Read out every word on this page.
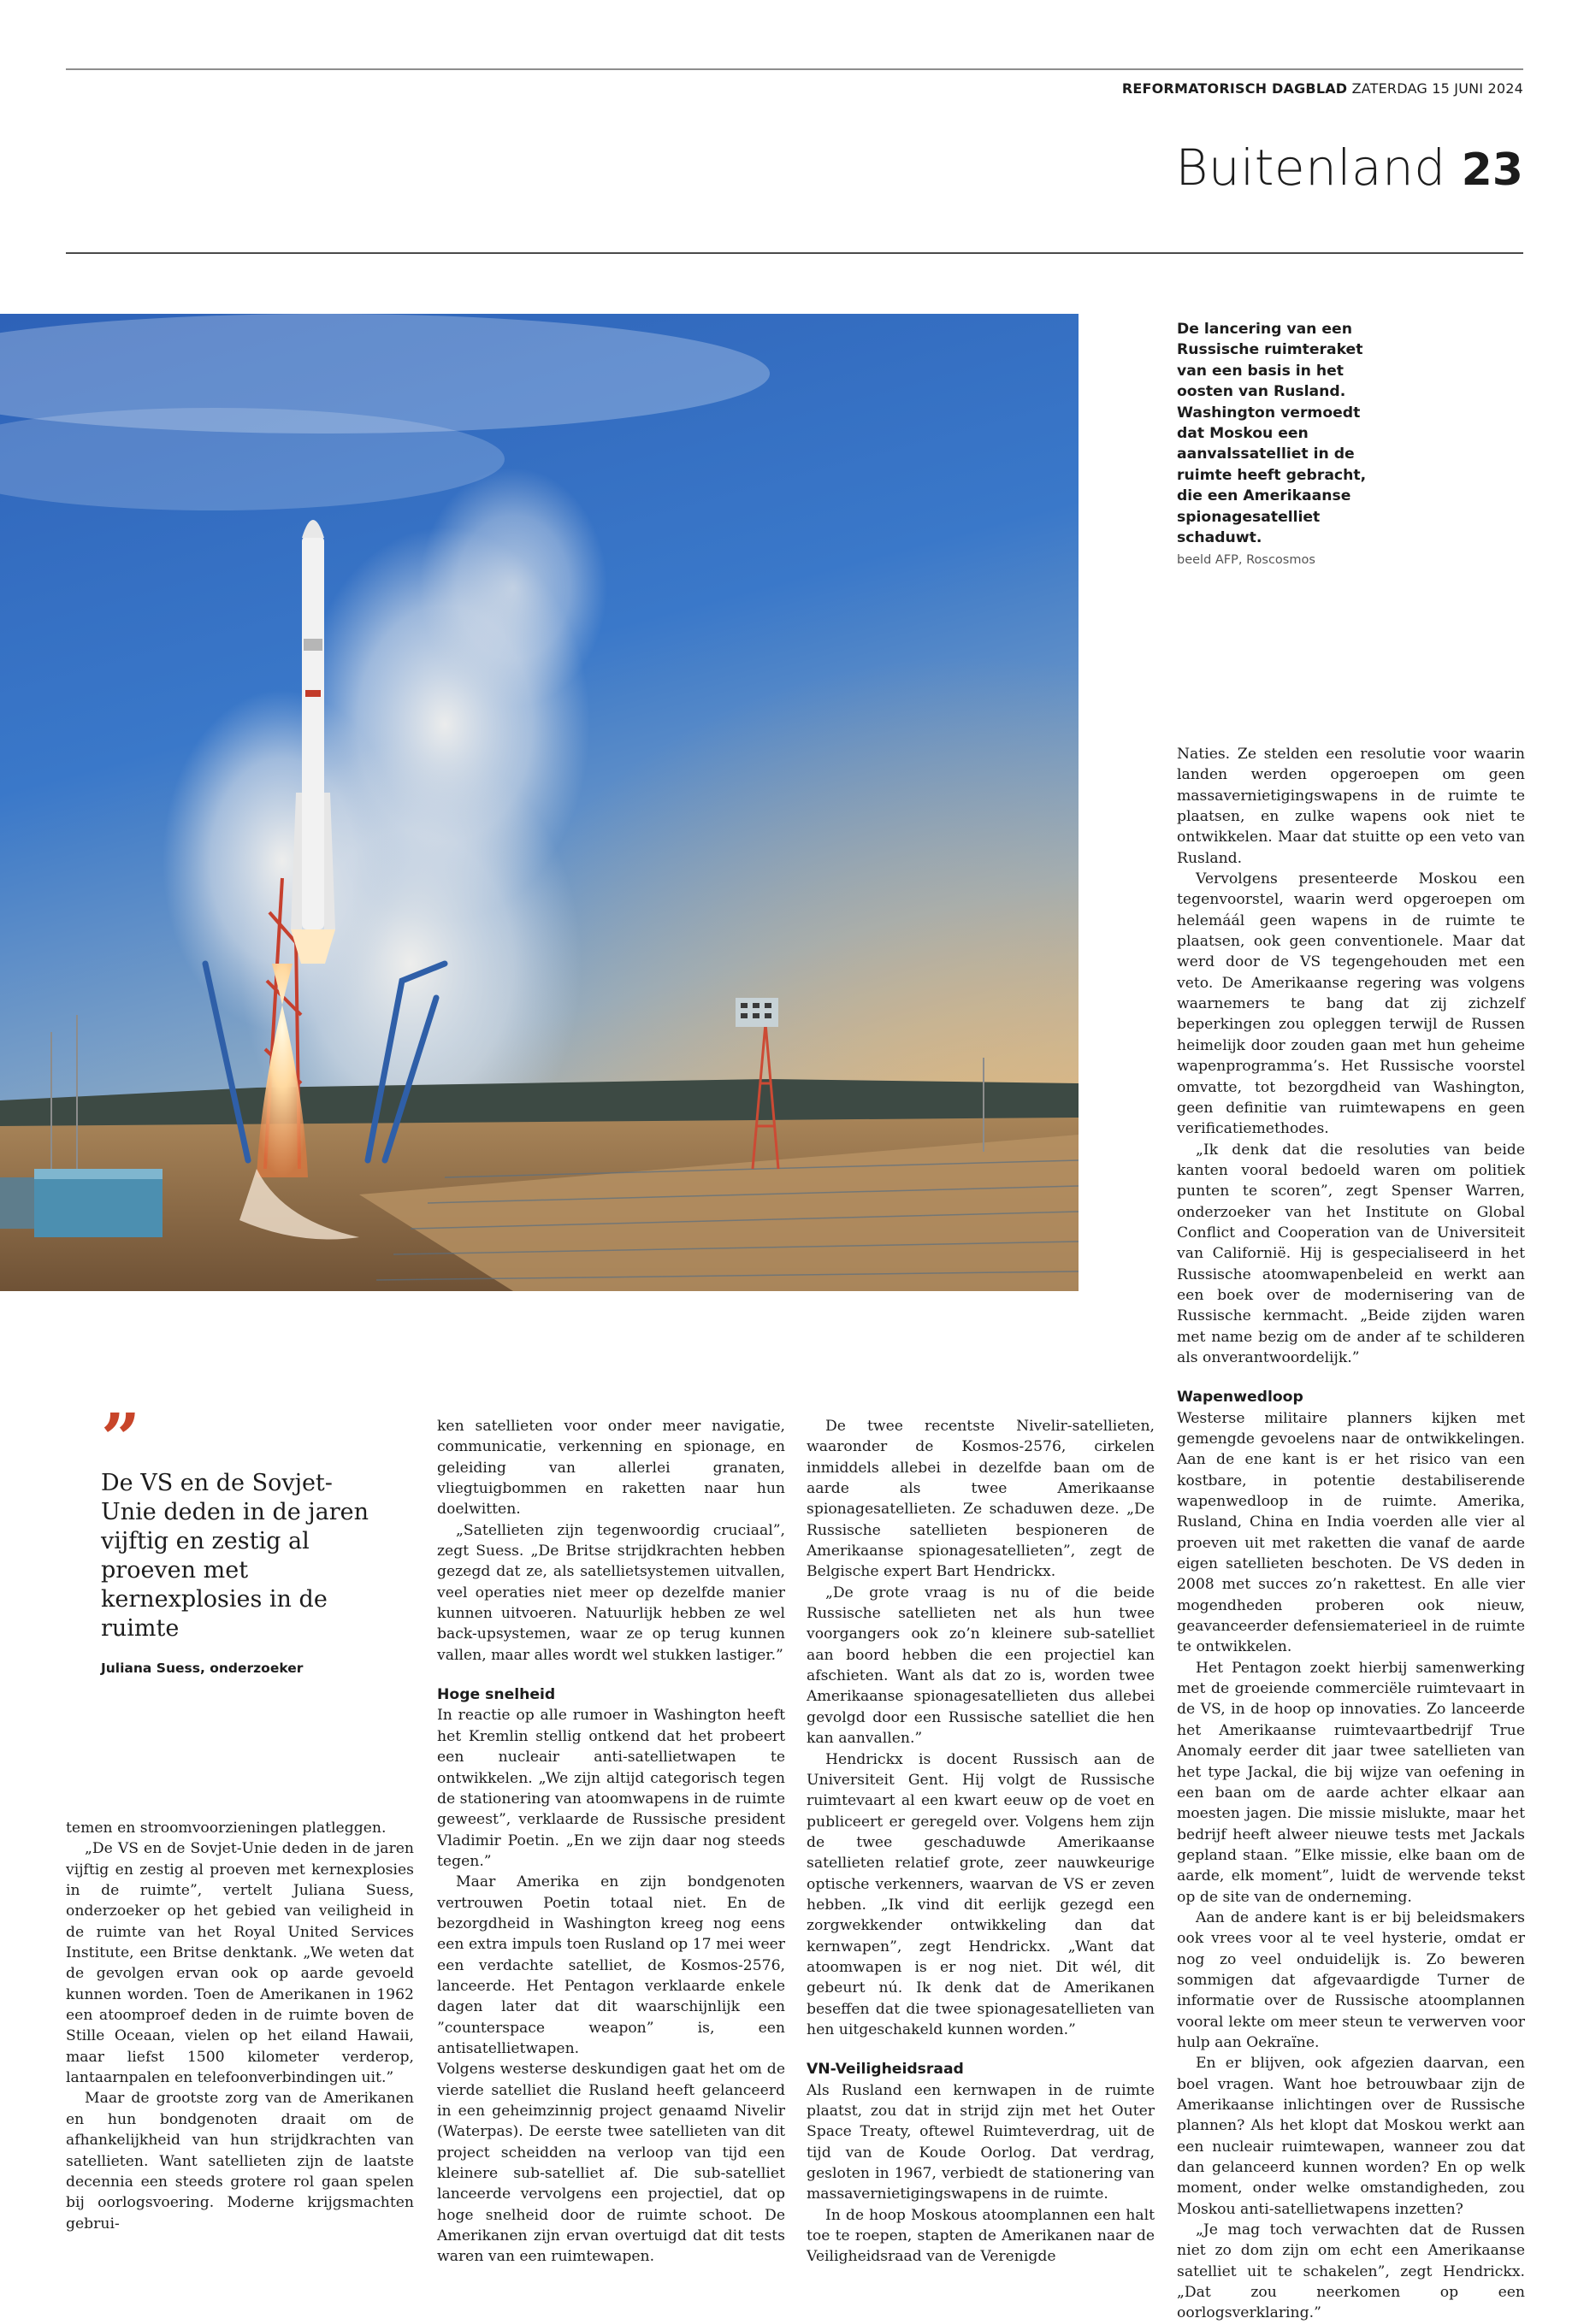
REFORMATORISCH DAGBLAD ZATERDAG 15 JUNI 2024
Buitenland 23
De lancering van een Russische ruimteraket van een basis in het oosten van Rusland. Washington vermoedt dat Moskou een aanvalssatelliet in de ruimte heeft gebracht, die een Amerikaanse spionagesatelliet schaduwt.
beeld AFP, Roscosmos
”
De VS en de Sovjet-Unie deden in de jaren vijftig en zestig al proeven met kernexplosies in de ruimte
Juliana Suess, onderzoeker

temen en stroomvoorzieningen platleggen.

„De VS en de Sovjet-Unie deden in de jaren vijftig en zestig al proeven met kernexplosies in de ruimte”, vertelt Juliana Suess, onderzoeker op het gebied van veiligheid in de ruimte van het Royal United Services Institute, een Britse denktank. „We weten dat de gevolgen ervan ook op aarde gevoeld kunnen worden. Toen de Amerikanen in 1962 een atoomproef deden in de ruimte boven de Stille Oceaan, vielen op het eiland Hawaii, maar liefst 1500 kilometer verderop, lantaarnpalen en telefoonverbindingen uit.”

Maar de grootste zorg van de Amerikanen en hun bondgenoten draait om de afhankelijkheid van hun strijdkrachten van satellieten. Want satellieten zijn de laatste decennia een steeds grotere rol gaan spelen bij oorlogsvoering. Moderne krijgsmachten gebrui-

ken satellieten voor onder meer navigatie, communicatie, verkenning en spionage, en geleiding van allerlei granaten, vliegtuigbommen en raketten naar hun doelwitten.

„Satellieten zijn tegenwoordig cruciaal”, zegt Suess. „De Britse strijdkrachten hebben gezegd dat ze, als satellietsystemen uitvallen, veel operaties niet meer op dezelfde manier kunnen uitvoeren. Natuurlijk hebben ze wel back-upsystemen, waar ze op terug kunnen vallen, maar alles wordt wel stukken lastiger.”

Hoge snelheid

In reactie op alle rumoer in Washington heeft het Kremlin stellig ontkend dat het probeert een nucleair anti-satellietwapen te ontwikkelen. „We zijn altijd categorisch tegen de stationering van atoomwapens in de ruimte geweest”, verklaarde de Russische president Vladimir Poetin. „En we zijn daar nog steeds tegen.”

Maar Amerika en zijn bondgenoten vertrouwen Poetin totaal niet. En de bezorgdheid in Washington kreeg nog eens een extra impuls toen Rusland op 17 mei weer een verdachte satelliet, de Kosmos-2576, lanceerde. Het Pentagon verklaarde enkele dagen later dat dit waarschijnlijk een ”counterspace weapon” is, een antisatellietwapen.

Volgens westerse deskundigen gaat het om de vierde satelliet die Rusland heeft gelanceerd in een geheimzinnig project genaamd Nivelir (Waterpas). De eerste twee satellieten van dit project scheidden na verloop van tijd een kleinere sub-satelliet af. Die sub-satelliet lanceerde vervolgens een projectiel, dat op hoge snelheid door de ruimte schoot. De Amerikanen zijn ervan overtuigd dat dit tests waren van een ruimtewapen.

De twee recentste Nivelir-satellieten, waaronder de Kosmos-2576, cirkelen inmiddels allebei in dezelfde baan om de aarde als twee Amerikaanse spionagesatellieten. Ze schaduwen deze. „De Russische satellieten bespioneren de Amerikaanse spionagesatellieten”, zegt de Belgische expert Bart Hendrickx.

„De grote vraag is nu of die beide Russische satellieten net als hun twee voorgangers ook zo’n kleinere sub-satelliet aan boord hebben die een projectiel kan afschieten. Want als dat zo is, worden twee Amerikaanse spionagesatellieten dus allebei gevolgd door een Russische satelliet die hen kan aanvallen.”

Hendrickx is docent Russisch aan de Universiteit Gent. Hij volgt de Russische ruimtevaart al een kwart eeuw op de voet en publiceert er geregeld over. Volgens hem zijn de twee geschaduwde Amerikaanse satellieten relatief grote, zeer nauwkeurige optische verkenners, waarvan de VS er zeven hebben. „Ik vind dit eerlijk gezegd een zorgwekkender ontwikkeling dan dat kernwapen”, zegt Hendrickx. „Want dat atoomwapen is er nog niet. Dit wél, dit gebeurt nú. Ik denk dat de Amerikanen beseffen dat die twee spionagesatellieten van hen uitgeschakeld kunnen worden.”

VN-Veiligheidsraad

Als Rusland een kernwapen in de ruimte plaatst, zou dat in strijd zijn met het Outer Space Treaty, oftewel Ruimteverdrag, uit de tijd van de Koude Oorlog. Dat verdrag, gesloten in 1967, verbiedt de stationering van massavernietigingswapens in de ruimte.

In de hoop Moskous atoomplannen een halt toe te roepen, stapten de Amerikanen naar de Veiligheidsraad van de Verenigde

Naties. Ze stelden een resolutie voor waarin landen werden opgeroepen om geen massavernietigingswapens in de ruimte te plaatsen, en zulke wapens ook niet te ontwikkelen. Maar dat stuitte op een veto van Rusland.

Vervolgens presenteerde Moskou een tegenvoorstel, waarin werd opgeroepen om helemáál geen wapens in de ruimte te plaatsen, ook geen conventionele. Maar dat werd door de VS tegengehouden met een veto. De Amerikaanse regering was volgens waarnemers te bang dat zij zichzelf beperkingen zou opleggen terwijl de Russen heimelijk door zouden gaan met hun geheime wapenprogramma’s. Het Russische voorstel omvatte, tot bezorgdheid van Washington, geen definitie van ruimtewapens en geen verificatiemethodes.

„Ik denk dat die resoluties van beide kanten vooral bedoeld waren om politiek punten te scoren”, zegt Spenser Warren, onderzoeker van het Institute on Global Conflict and Cooperation van de Universiteit van Californië. Hij is gespecialiseerd in het Russische atoomwapenbeleid en werkt aan een boek over de modernisering van de Russische kernmacht. „Beide zijden waren met name bezig om de ander af te schilderen als onverantwoordelijk.”

Wapenwedloop

Westerse militaire planners kijken met gemengde gevoelens naar de ontwikkelingen. Aan de ene kant is er het risico van een kostbare, in potentie destabiliserende wapenwedloop in de ruimte. Amerika, Rusland, China en India voerden alle vier al proeven uit met raketten die vanaf de aarde eigen satellieten beschoten. De VS deden in 2008 met succes zo’n rakettest. En alle vier mogendheden proberen ook nieuw, geavanceerder defensiematerieel in de ruimte te ontwikkelen.

Het Pentagon zoekt hierbij samenwerking met de groeiende commerciële ruimtevaart in de VS, in de hoop op innovaties. Zo lanceerde het Amerikaanse ruimtevaartbedrijf True Anomaly eerder dit jaar twee satellieten van het type Jackal, die bij wijze van oefening in een baan om de aarde achter elkaar aan moesten jagen. Die missie mislukte, maar het bedrijf heeft alweer nieuwe tests met Jackals gepland staan. ”Elke missie, elke baan om de aarde, elk moment”, luidt de wervende tekst op de site van de onderneming.

Aan de andere kant is er bij beleidsmakers ook vrees voor al te veel hysterie, omdat er nog zo veel onduidelijk is. Zo beweren sommigen dat afgevaardigde Turner de informatie over de Russische atoomplannen vooral lekte om meer steun te verwerven voor hulp aan Oekraïne.

En er blijven, ook afgezien daarvan, een boel vragen. Want hoe betrouwbaar zijn de Amerikaanse inlichtingen over de Russische plannen? Als het klopt dat Moskou werkt aan een nucleair ruimtewapen, wanneer zou dat dan gelanceerd kunnen worden? En op welk moment, onder welke omstandigheden, zou Moskou anti-satellietwapens inzetten?

„Je mag toch verwachten dat de Russen niet zo dom zijn om echt een Amerikaanse satelliet uit te schakelen”, zegt Hendrickx. „Dat zou neerkomen op een oorlogsverklaring.”
